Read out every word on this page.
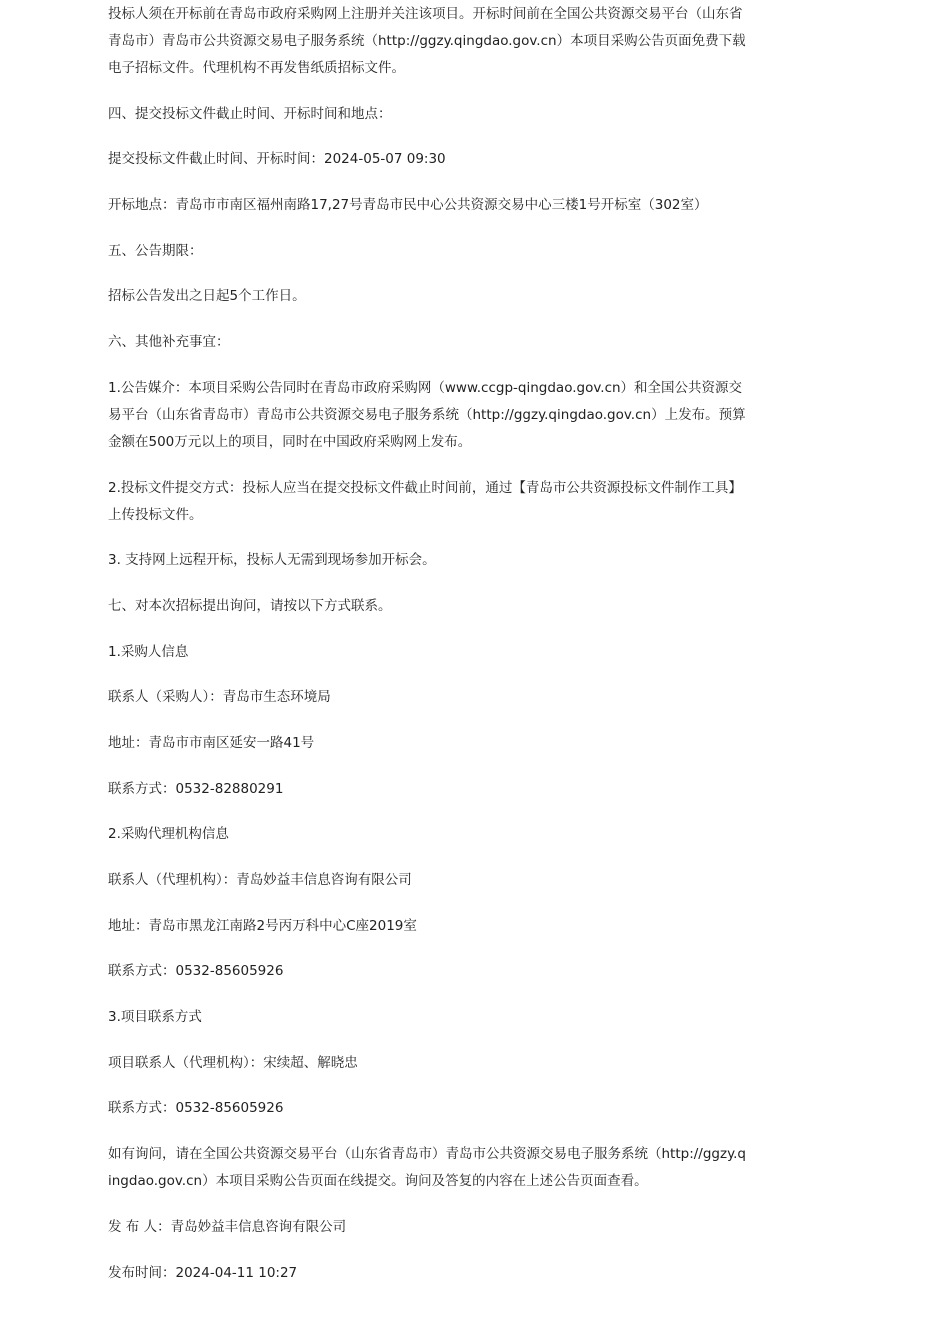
投标人须在开标前在青岛市政府采购网上注册并关注该项目。开标时间前在全国公共资源交易平台（山东省青岛市）青岛市公共资源交易电子服务系统（http://ggzy.qingdao.gov.cn）本项目采购公告页面免费下载电子招标文件。代理机构不再发售纸质招标文件。

四、提交投标文件截止时间、开标时间和地点：

提交投标文件截止时间、开标时间：2024-05-07 09:30

开标地点：青岛市市南区福州南路17,27号青岛市民中心公共资源交易中心三楼1号开标室（302室）

五、公告期限：

招标公告发出之日起5个工作日。

六、其他补充事宜：

1.公告媒介：本项目采购公告同时在青岛市政府采购网（www.ccgp-qingdao.gov.cn）和全国公共资源交易平台（山东省青岛市）青岛市公共资源交易电子服务系统（http://ggzy.qingdao.gov.cn）上发布。预算金额在500万元以上的项目，同时在中国政府采购网上发布。

2.投标文件提交方式：投标人应当在提交投标文件截止时间前，通过【青岛市公共资源投标文件制作工具】上传投标文件。

3. 支持网上远程开标，投标人无需到现场参加开标会。

七、对本次招标提出询问，请按以下方式联系。

1.采购人信息

联系人（采购人）：青岛市生态环境局

地址：青岛市市南区延安一路41号

联系方式：0532-82880291

2.采购代理机构信息

联系人（代理机构）：青岛妙益丰信息咨询有限公司

地址：青岛市黑龙江南路2号丙万科中心C座2019室

联系方式：0532-85605926

3.项目联系方式

项目联系人（代理机构）：宋续超、解晓忠

联系方式：0532-85605926

如有询问，请在全国公共资源交易平台（山东省青岛市）青岛市公共资源交易电子服务系统（http://ggzy.qingdao.gov.cn）本项目采购公告页面在线提交。询问及答复的内容在上述公告页面查看。

发 布 人：青岛妙益丰信息咨询有限公司

发布时间：2024-04-11 10:27
